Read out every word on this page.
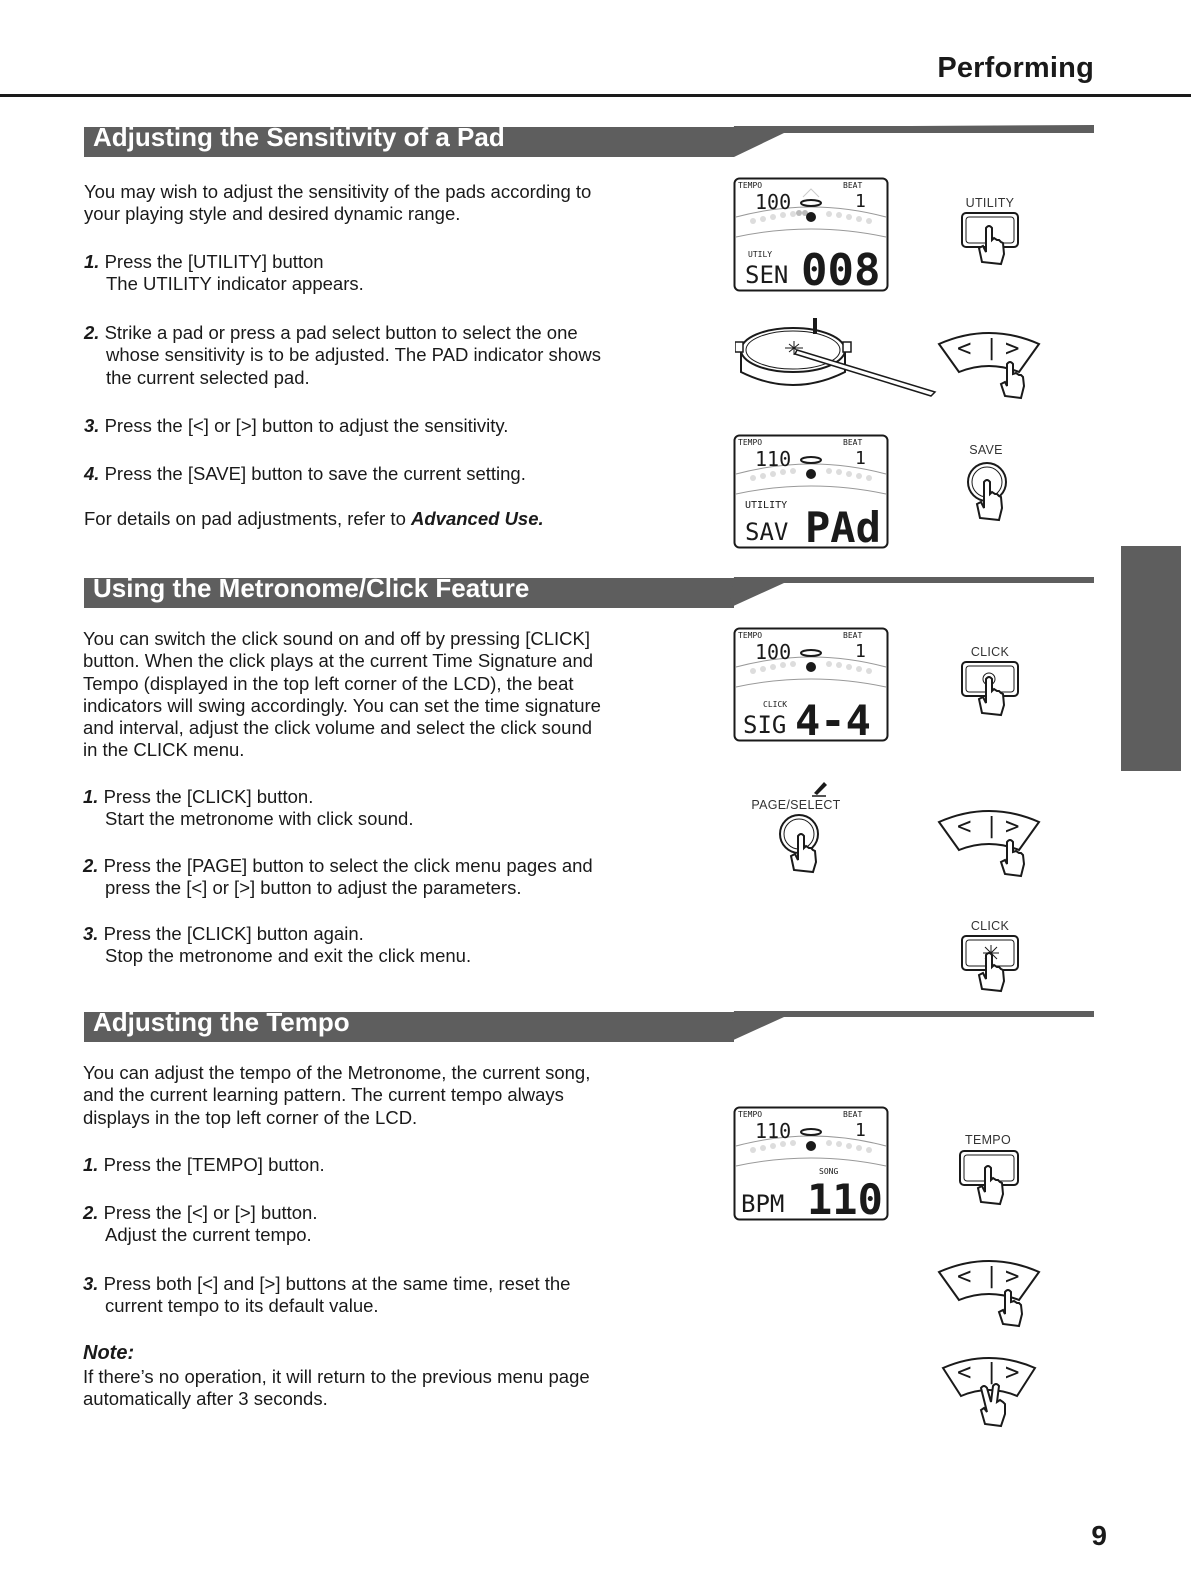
Performing
Adjusting the Sensitivity of a Pad
You may wish to adjust the sensitivity of the pads according to
your playing style and desired dynamic range.
1. Press the [UTILITY] button
The UTILITY indicator appears.
2. Strike a pad or press a pad select button to select the one
whose sensitivity is to be adjusted. The PAD indicator shows
the current selected pad.
3. Press the [<] or [>] button to adjust the sensitivity.
4. Press the [SAVE] button to save the current setting.
For details on pad adjustments, refer to Advanced Use.
TEMPO	BEAT
100	1
UTILY
SEN 008
UTILITY
< | >
TEMPO	BEAT
110	1
UTILITY
SAV PAd
SAVE
Using the Metronome/Click Feature
You can switch the click sound on and off by pressing [CLICK]
button. When the click plays at the current Time Signature and
Tempo (displayed in the top left corner of the LCD), the beat
indicators will swing accordingly. You can set the time signature
and interval, adjust the click volume and select the click sound
in the CLICK menu.
1. Press the [CLICK] button.
Start the metronome with click sound.
2. Press the [PAGE] button to select the click menu pages and
press the [<] or [>] button to adjust the parameters.
3. Press the [CLICK] button again.
Stop the metronome and exit the click menu.
TEMPO	BEAT
100	1
CLICK
SIG 4-4
CLICK
PAGE/SELECT
< | >
CLICK
Adjusting the Tempo
You can adjust the tempo of the Metronome, the current song,
and the current learning pattern. The current tempo always
displays in the top left corner of the LCD.
1. Press the [TEMPO] button.
2. Press the [<] or [>] button.
Adjust the current tempo.
3. Press both [<] and [>] buttons at the same time, reset the
current tempo to its default value.
Note:
If there’s no operation, it will return to the previous menu page
automatically after 3 seconds.
TEMPO	BEAT
110	1
SONG
BPM 110
TEMPO
< | >
< | >
9
